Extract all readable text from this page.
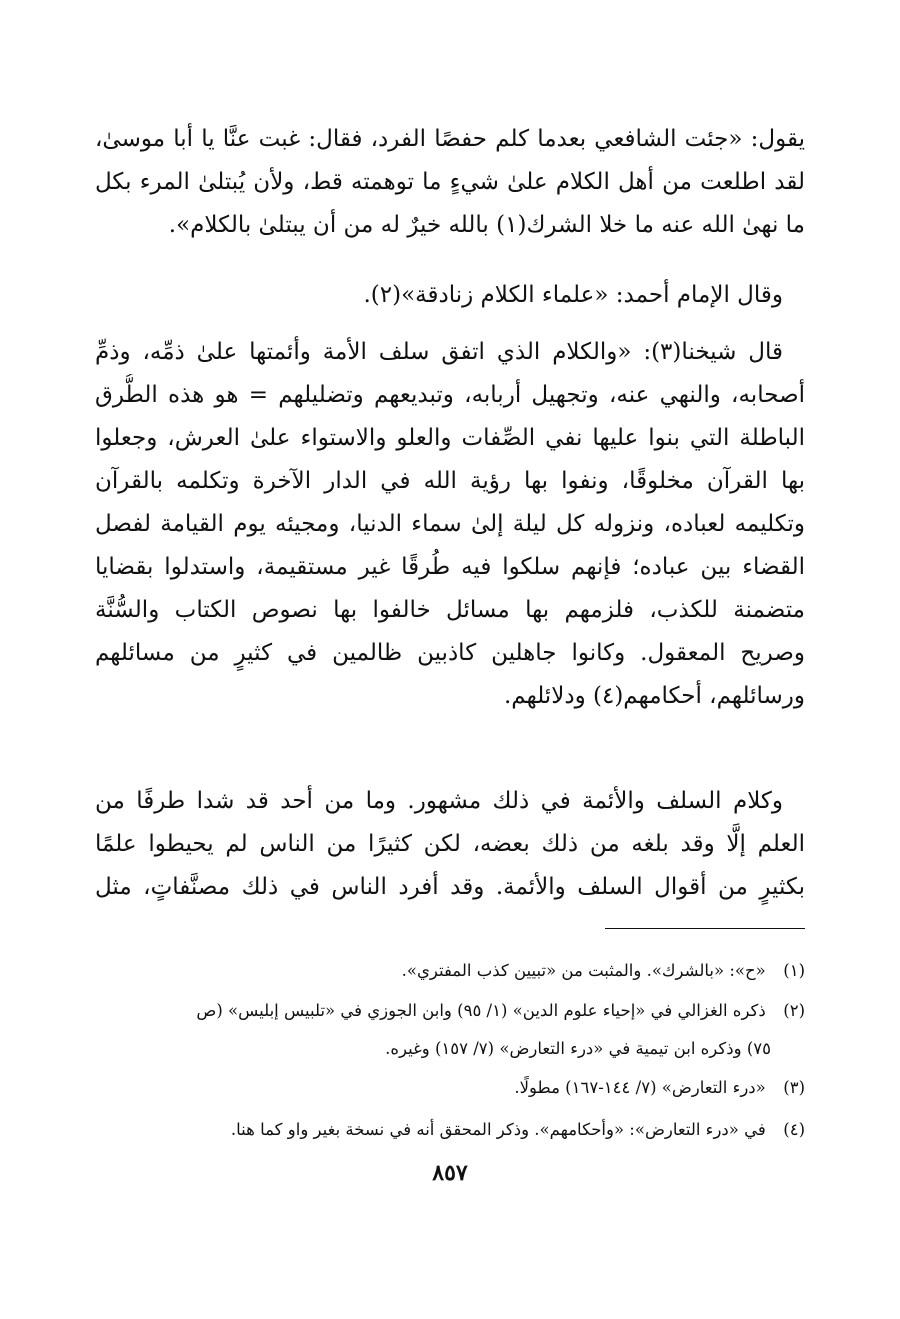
يقول: «جئت الشافعي بعدما كلم حفصًا الفرد، فقال: غبت عنَّا يا أبا موسىٰ،
لقد اطلعت من أهل الكلام علىٰ شيءٍ ما توهمته قط، ولأن يُبتلىٰ المرء بكل
ما نهىٰ الله عنه ما خلا الشرك(١) بالله خيرٌ له من أن يبتلىٰ بالكلام».

وقال الإمام أحمد: «علماء الكلام زنادقة»(٢).

قال شيخنا(٣): «والكلام الذي اتفق سلف الأمة وأئمتها علىٰ ذمِّه، وذمِّ
أصحابه، والنهي عنه، وتجهيل أربابه، وتبديعهم وتضليلهم = هو هذه الطُّرق
الباطلة التي بنوا عليها نفي الصِّفات والعلو والاستواء علىٰ العرش، وجعلوا
بها القرآن مخلوقًا، ونفوا بها رؤية الله في الدار الآخرة وتكلمه بالقرآن
وتكليمه لعباده، ونزوله كل ليلة إلىٰ سماء الدنيا، ومجيئه يوم القيامة لفصل
القضاء بين عباده؛ فإنهم سلكوا فيه طُرقًا غير مستقيمة، واستدلوا بقضايا
متضمنة للكذب، فلزمهم بها مسائل خالفوا بها نصوص الكتاب والسُّنَّة
وصريح المعقول. وكانوا جاهلين كاذبين ظالمين في كثيرٍ من مسائلهم
ورسائلهم، أحكامهم(٤) ودلائلهم.

وكلام السلف والأئمة في ذلك مشهور. وما من أحد قد شدا طرفًا من
العلم إلَّا وقد بلغه من ذلك بعضه، لكن كثيرًا من الناس لم يحيطوا علمًا
بكثيرٍ من أقوال السلف والأئمة. وقد أفرد الناس في ذلك مصنَّفاتٍ، مثل

(١) «ح»: «بالشرك». والمثبت من «تبيين كذب المفتري».
(٢) ذكره الغزالي في «إحياء علوم الدين» (١/ ٩٥) وابن الجوزي في «تلبيس إبليس» (ص
٧٥) وذكره ابن تيمية في «درء التعارض» (٧/ ١٥٧) وغيره.
(٣) «درء التعارض» (٧/ ١٤٤-١٦٧) مطولًا.
(٤) في «درء التعارض»: «وأحكامهم». وذكر المحقق أنه في نسخة بغير واو كما هنا.
٨٥٧
